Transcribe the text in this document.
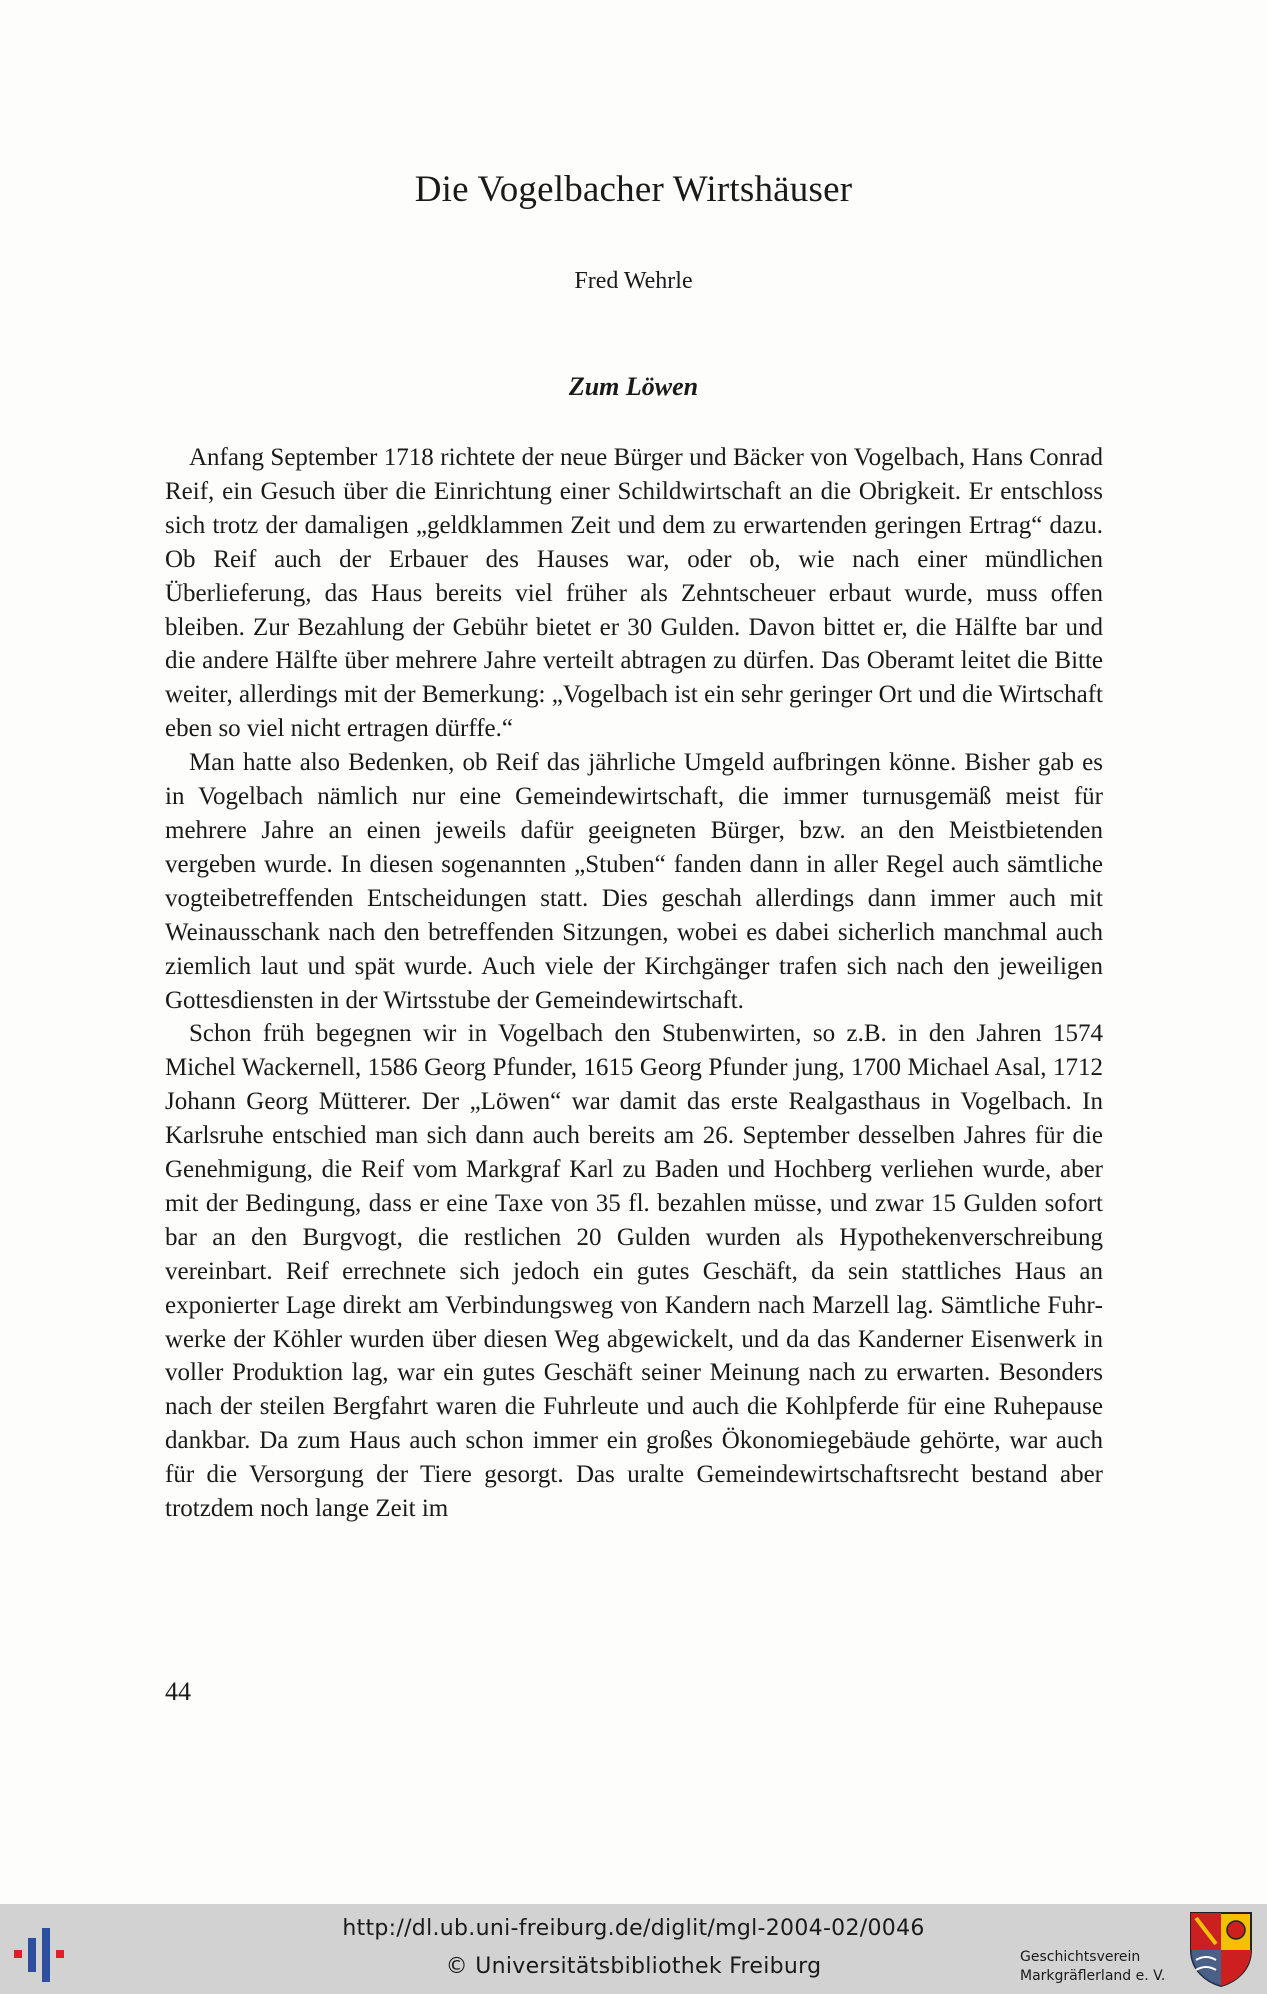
Die Vogelbacher Wirtshäuser

Fred Wehrle

Zum Löwen

Anfang September 1718 richtete der neue Bürger und Bäcker von Vogelbach, Hans Conrad Reif, ein Gesuch über die Einrichtung einer Schildwirtschaft an die Obrigkeit. Er entschloss sich trotz der damaligen „geldklammen Zeit und dem zu erwartenden geringen Ertrag“ dazu. Ob Reif auch der Erbauer des Hauses war, oder ob, wie nach einer mündlichen Überlieferung, das Haus bereits viel früher als Zehntscheuer erbaut wurde, muss offen bleiben. Zur Bezahlung der Gebühr bietet er 30 Gulden. Davon bittet er, die Hälfte bar und die andere Hälfte über mehrere Jahre verteilt abtragen zu dürfen. Das Oberamt leitet die Bitte weiter, allerdings mit der Bemerkung: „Vogelbach ist ein sehr geringer Ort und die Wirtschaft eben so viel nicht ertragen dürffe.“

Man hatte also Bedenken, ob Reif das jährliche Umgeld aufbringen könne. Bisher gab es in Vogelbach nämlich nur eine Gemeindewirtschaft, die immer turnusgemäß meist für mehrere Jahre an einen jeweils dafür geeigneten Bürger, bzw. an den Meistbietenden vergeben wurde. In diesen sogenannten „Stuben“ fanden dann in aller Regel auch sämtliche vogteibetreffenden Entscheidungen statt. Dies geschah allerdings dann immer auch mit Weinausschank nach den betreffenden Sitzungen, wobei es dabei sicherlich manchmal auch ziemlich laut und spät wurde. Auch viele der Kirchgänger trafen sich nach den jeweiligen Gottesdiensten in der Wirtsstube der Gemeindewirtschaft.

Schon früh begegnen wir in Vogelbach den Stubenwirten, so z.B. in den Jahren 1574 Michel Wackernell, 1586 Georg Pfunder, 1615 Georg Pfunder jung, 1700 Michael Asal, 1712 Johann Georg Mütterer. Der „Löwen“ war damit das erste Realgasthaus in Vogelbach. In Karlsruhe entschied man sich dann auch bereits am 26. September desselben Jahres für die Genehmigung, die Reif vom Markgraf Karl zu Baden und Hochberg verliehen wurde, aber mit der Bedingung, dass er eine Taxe von 35 fl. bezahlen müsse, und zwar 15 Gulden sofort bar an den Burgvogt, die restlichen 20 Gulden wurden als Hypothekenverschreibung vereinbart. Reif errechnete sich jedoch ein gutes Geschäft, da sein stattliches Haus an exponierter Lage direkt am Verbindungsweg von Kandern nach Marzell lag. Sämtliche Fuhrwerke der Köhler wurden über diesen Weg abgewickelt, und da das Kanderner Eisenwerk in voller Produktion lag, war ein gutes Geschäft seiner Meinung nach zu erwarten. Besonders nach der steilen Bergfahrt waren die Fuhrleute und auch die Kohlpferde für eine Ruhepause dankbar. Da zum Haus auch schon immer ein großes Ökonomiegebäude gehörte, war auch für die Versorgung der Tiere gesorgt. Das uralte Gemeindewirtschaftsrecht bestand aber trotzdem noch lange Zeit im

44

http://dl.ub.uni-freiburg.de/diglit/mgl-2004-02/0046
© Universitätsbibliothek Freiburg	Geschichtsverein
Markgräflerland e. V.
